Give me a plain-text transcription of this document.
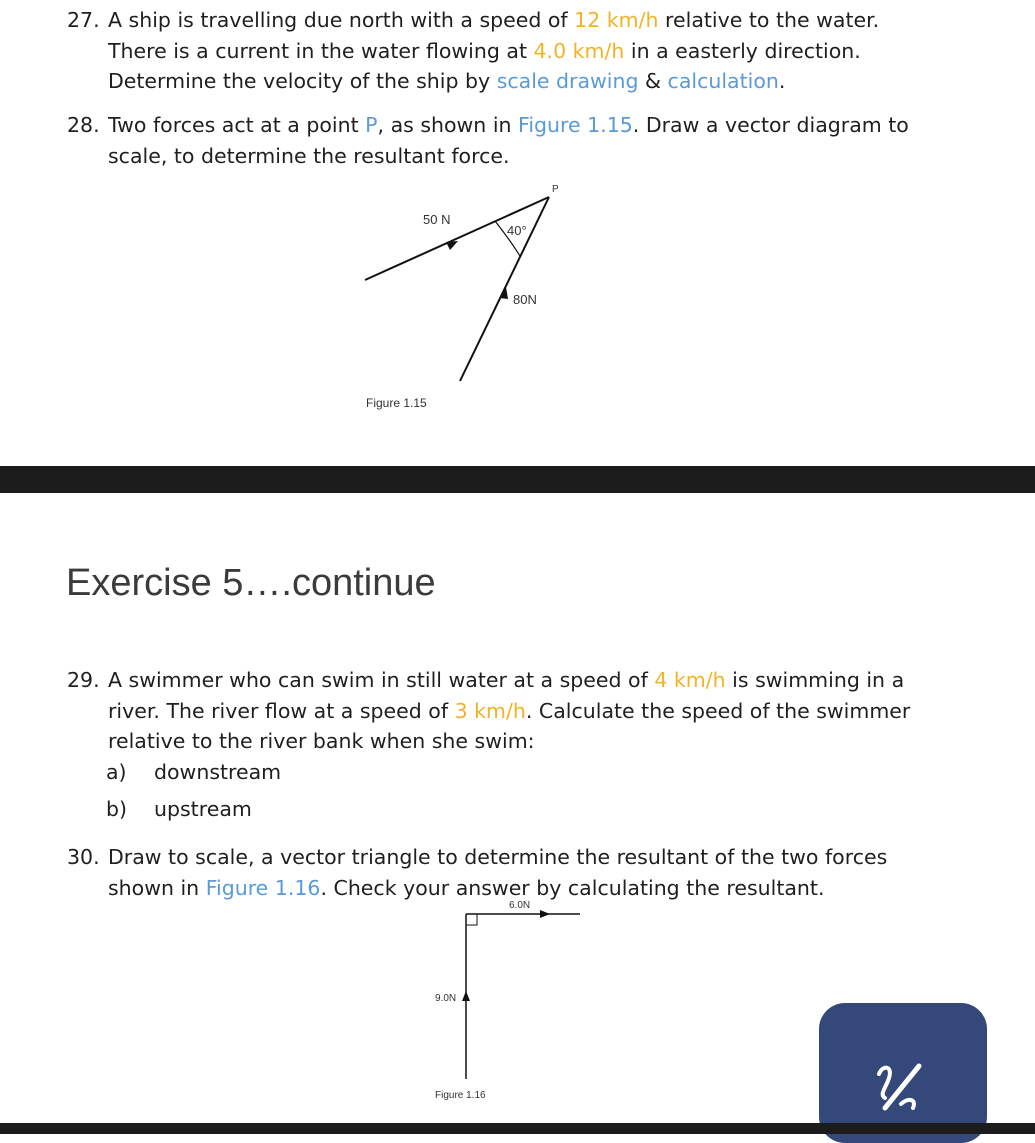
27. A ship is travelling due north with a speed of 12 km/h relative to the water.
There is a current in the water flowing at 4.0 km/h in a easterly direction.
Determine the velocity of the ship by scale drawing & calculation.
28. Two forces act at a point P, as shown in Figure 1.15. Draw a vector diagram to
scale, to determine the resultant force.
P
50 N
40°
80N
Figure 1.15
Exercise 5….continue
29. A swimmer who can swim in still water at a speed of 4 km/h is swimming in a
river. The river flow at a speed of 3 km/h. Calculate the speed of the swimmer
relative to the river bank when she swim:
a) downstream
b) upstream
30. Draw to scale, a vector triangle to determine the resultant of the two forces
shown in Figure 1.16. Check your answer by calculating the resultant.
6.0N
9.0N
Figure 1.16
